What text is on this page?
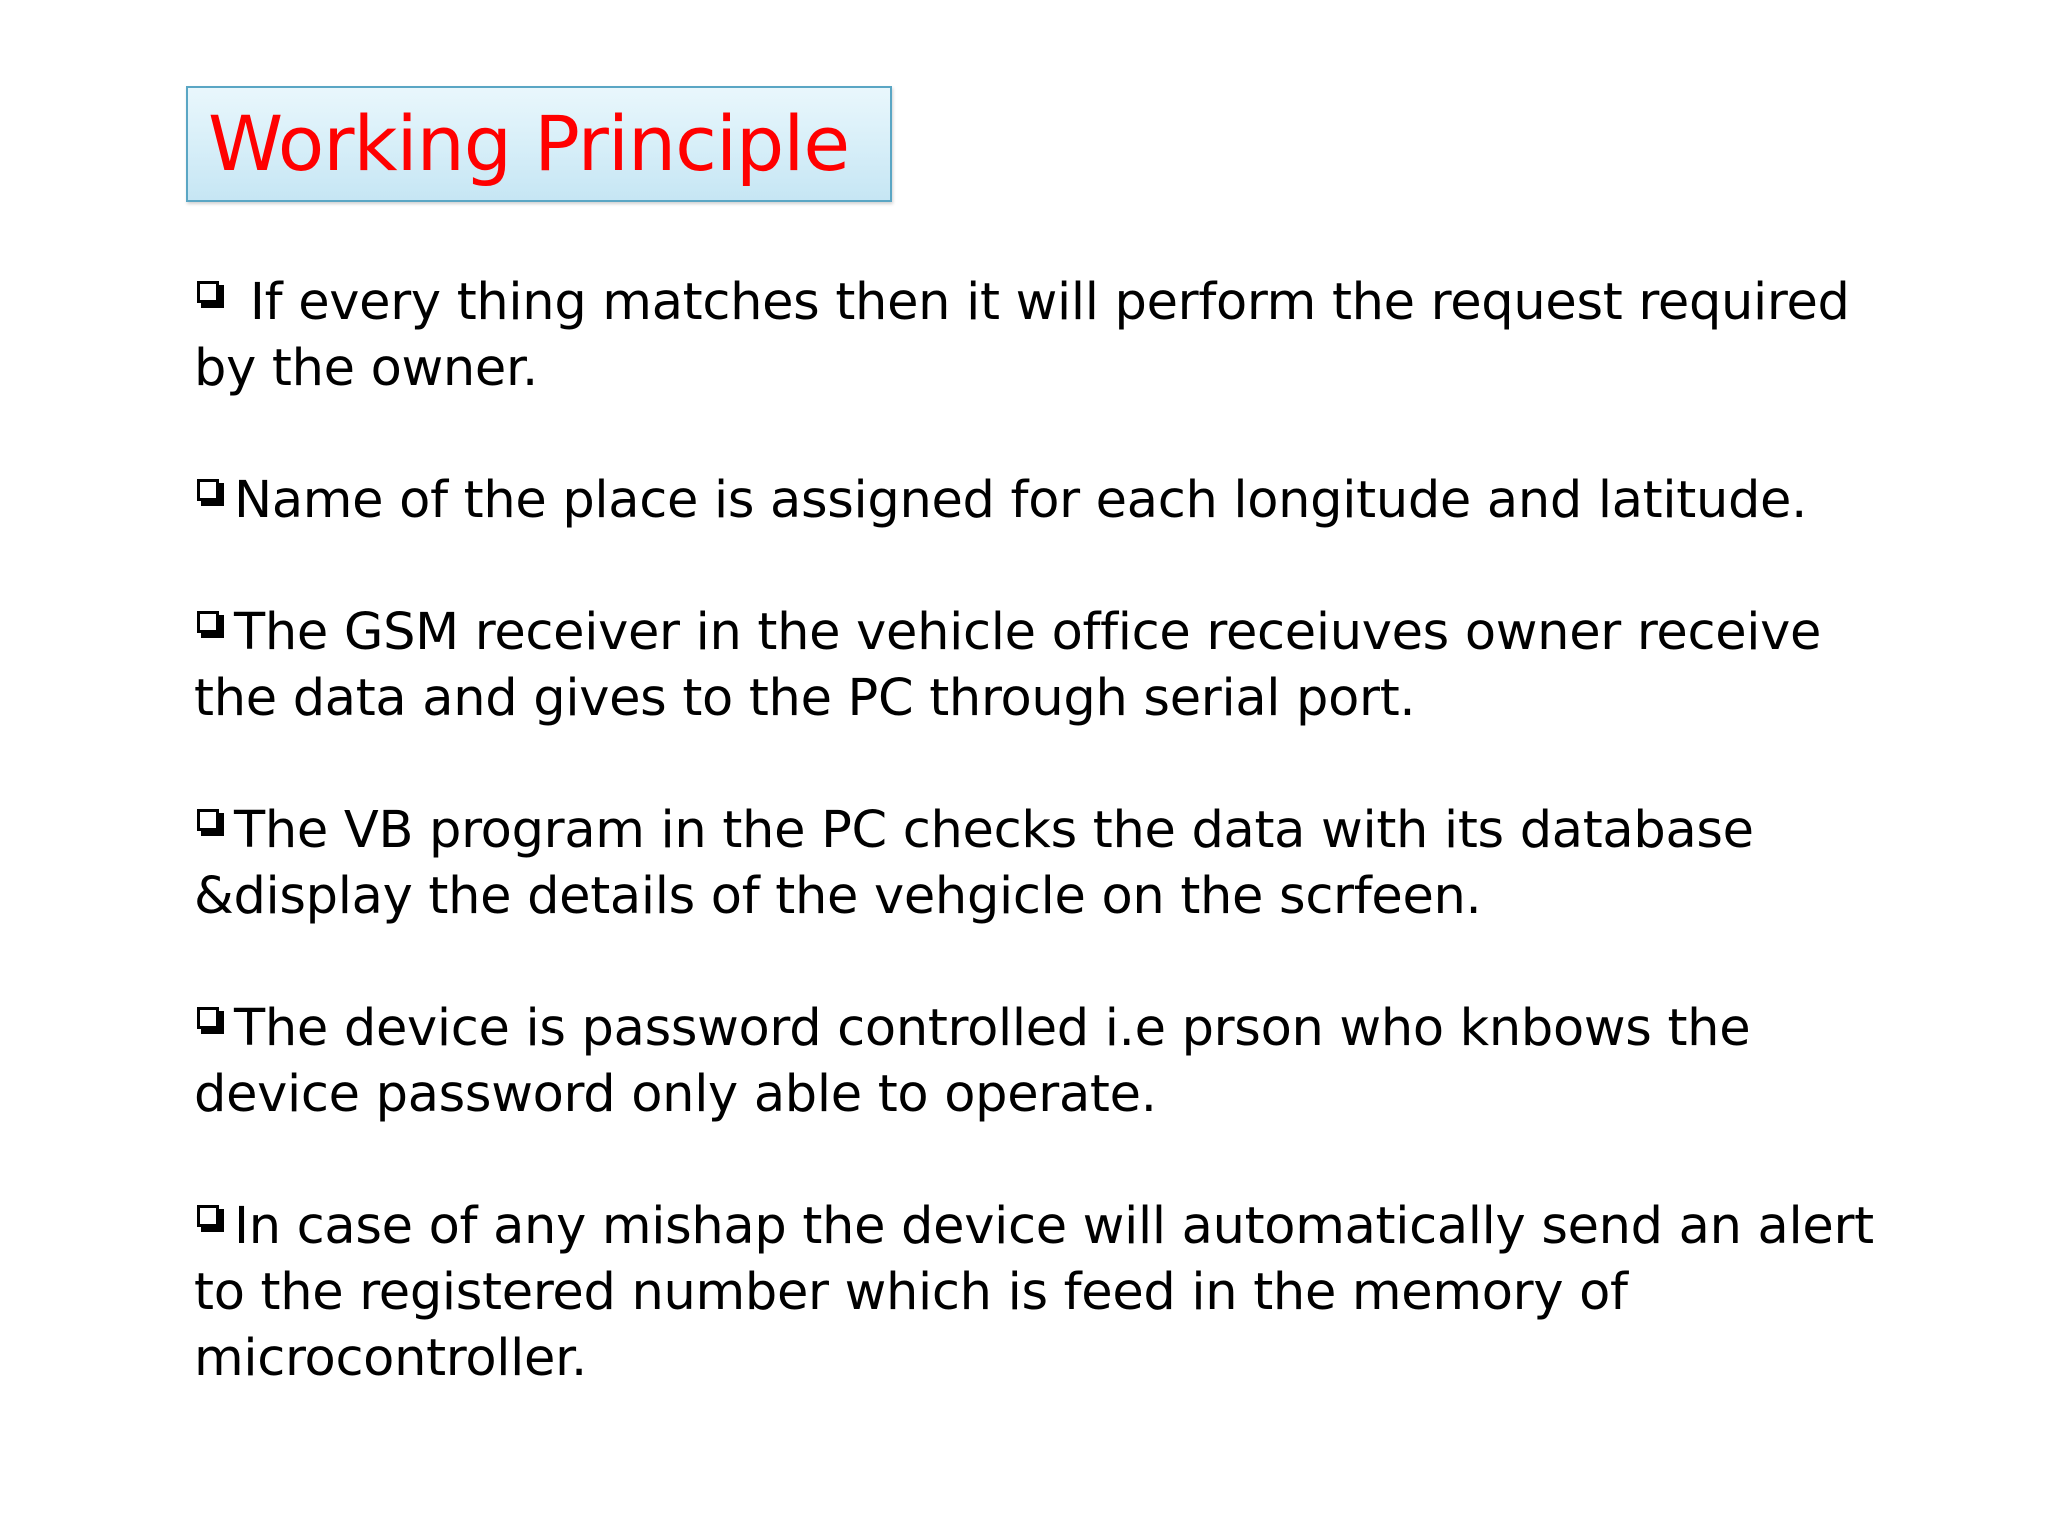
Working Principle

If every thing matches then it will perform the request required by the owner.

Name of the place is assigned for each longitude and latitude.

The GSM receiver in the vehicle office receiuves owner receive the data and gives to the PC through serial port.

The VB program in the PC checks the data with its database &display the details of the vehgicle on the scrfeen.

The device is password controlled i.e prson who knbows the device password only able to operate.

In case of any mishap the device will automatically send an alert to the registered number which is feed in the memory of microcontroller.
